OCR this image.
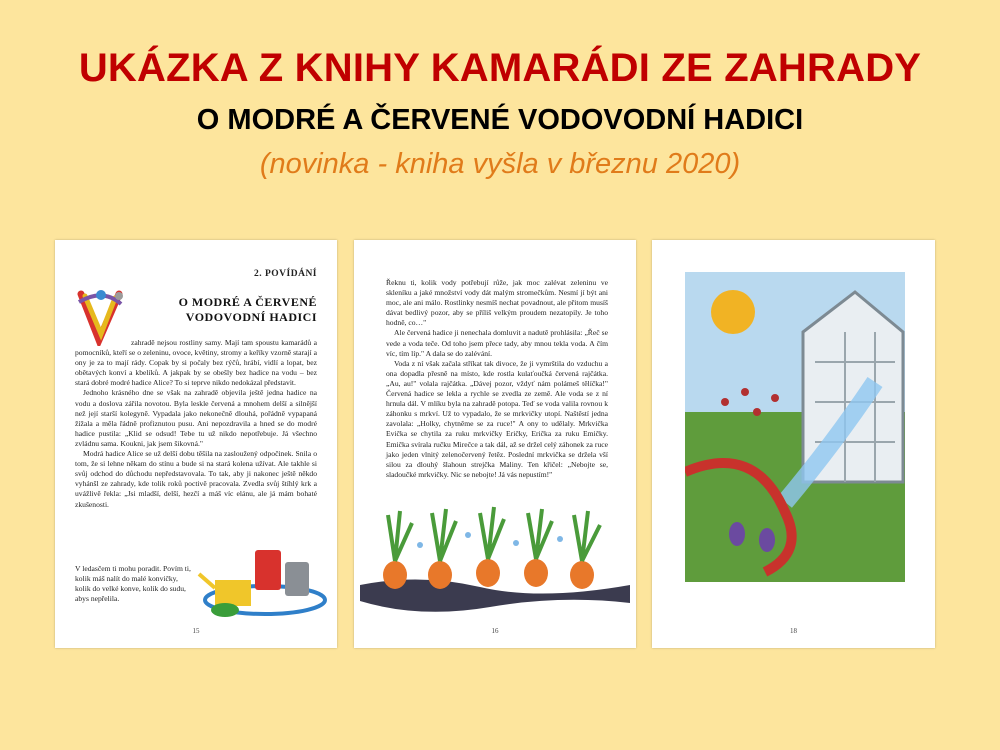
UKÁZKA Z KNIHY KAMARÁDI ZE ZAHRADY
O MODRÉ A ČERVENÉ VODOVODNÍ HADICI
(novinka - kniha vyšla v březnu 2020)
2. POVÍDÁNÍ
O MODRÉ A ČERVENÉ VODOVODNÍ HADICI

zahradě nejsou rostliny samy. Mají tam spoustu kamarádů a pomocníků, kteří se o zeleninu, ovoce, květiny, stromy a keříky vzorně starají a ony je za to mají rády. Copak by si počaly bez rýčů, hrábí, vidlí a lopat, bez obětavých konví a kbelíků. A jakpak by se obešly bez hadice na vodu – bez stará dobré modré hadice Alice? To si teprve nikdo nedokázal představit.

Jednoho krásného dne se však na zahradě objevila ještě jedna hadice na vodu a doslova zářila novotou. Byla leskle červená a mnohem delší a silnější než její starší kolegyně. Vypadala jako nekonečně dlouhá, pořádně vypapaná žížala a měla řádně profiznutou pusu. Ani nepozdravila a hned se do modré hadice pustila: „Klid se odsud! Tebe tu už nikdo nepotřebuje. Já všechno zvládnu sama. Koukni, jak jsem šikovná."

Modrá hadice Alice se už delší dobu těšila na zasloužený odpočinek. Snila o tom, že si lehne někam do stínu a bude si na stará kolena užívat. Ale takhle si svůj odchod do důchodu nepředstavovala. To tak, aby ji nakonec ještě někdo vyhánšl ze zahrady, kde tolik roků poctivě pracovala. Zvedla svůj štíhlý krk a uvážlivě řekla: „Jsi mladší, delší, hezčí a máš víc elánu, ale já mám bohaté zkušenosti.

V ledasčem ti mohu poradit. Povím ti, kolik máš nalít do malé konvičky, kolik do velké konve, kolik do sudu, abys nepřelila.

15

Řeknu ti, kolik vody potřebují růže, jak moc zalévat zeleninu ve skleníku a jaké množství vody dát malým stromečkům. Nesmí jí být ani moc, ale ani málo. Rostlinky nesmíš nechat povadnout, ale přitom musíš dávat bedlivý pozor, aby se příliš velkým proudem nezatopily. Je toho hodně, co…"

Ale červená hadice ji nenechala domluvit a nadutě prohlásila: „Řeč se vede a voda teče. Od toho jsem přece tady, aby mnou tekla voda. A čím víc, tím líp." A dala se do zalévání.

Voda z ní však začala stříkat tak divoce, že ji vymrštila do vzduchu a ona dopadla přesně na místo, kde rostla kulaťoučká červená rajčátka. „Au, au!" volala rajčátka. „Dávej pozor, vždyť nám polámeš tělíčka!" Červená hadice se lekla a rychle se zvedla ze země. Ale voda se z ní hrnula dál. V mlíku byla na zahradě potopa. Teď se voda valila rovnou k záhonku s mrkví. Už to vypadalo, že se mrkvičky utopí. Naštěstí jedna zavolala: „Holky, chytněme se za ruce!" A ony to udělaly. Mrkvička Evička se chytila za ruku mrkvičky Eričky, Erička za ruku Emičky. Emička svírala ručku Mirečce a tak dál, až se držel celý záhonek za ruce jako jeden vlnitý zelenočervený řetěz. Poslední mrkvička se držela vší silou za dlouhý šlahoun strejčka Maliny. Ten křičel: „Nebojte se, sladoučké mrkvičky. Nic se nebojte! Já vás nepustím!"

16	18
